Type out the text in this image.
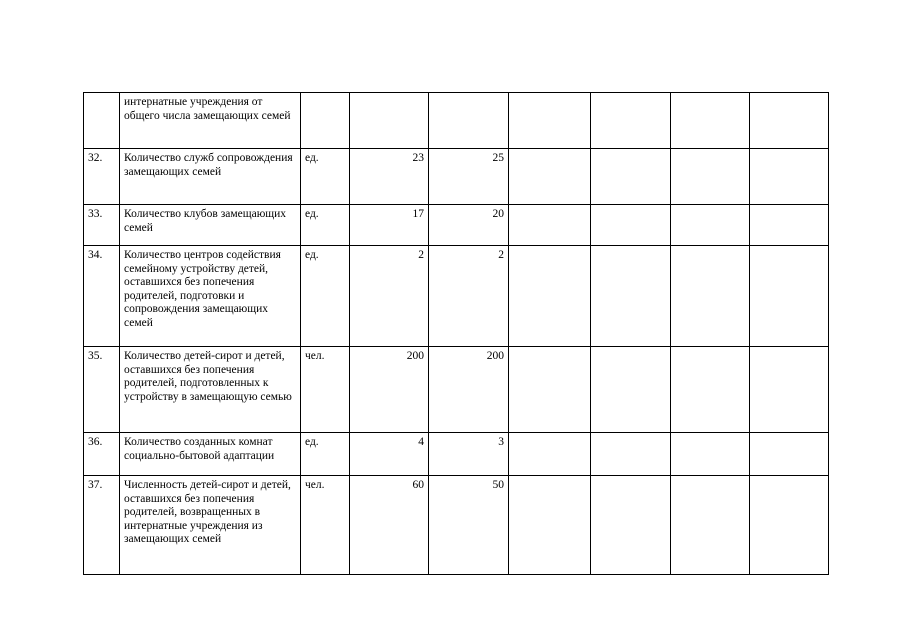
	интернатные учреждения от общего числа замещающих семей							
32.	Количество служб сопровождения замещающих семей	ед.	23	25				
33.	Количество клубов замещающих семей	ед.	17	20				
34.	Количество центров содействия семейному устройству детей, оставшихся без попечения родителей, подготовки и сопровождения замещающих семей	ед.	2	2				
35.	Количество детей-сирот и детей, оставшихся без попечения родителей, подготовленных к устройству в замещающую семью	чел.	200	200				
36.	Количество созданных комнат социально-бытовой адаптации	ед.	4	3				
37.	Численность детей-сирот и детей, оставшихся без попечения родителей, возвращенных в интернатные учреждения из замещающих семей	чел.	60	50				
